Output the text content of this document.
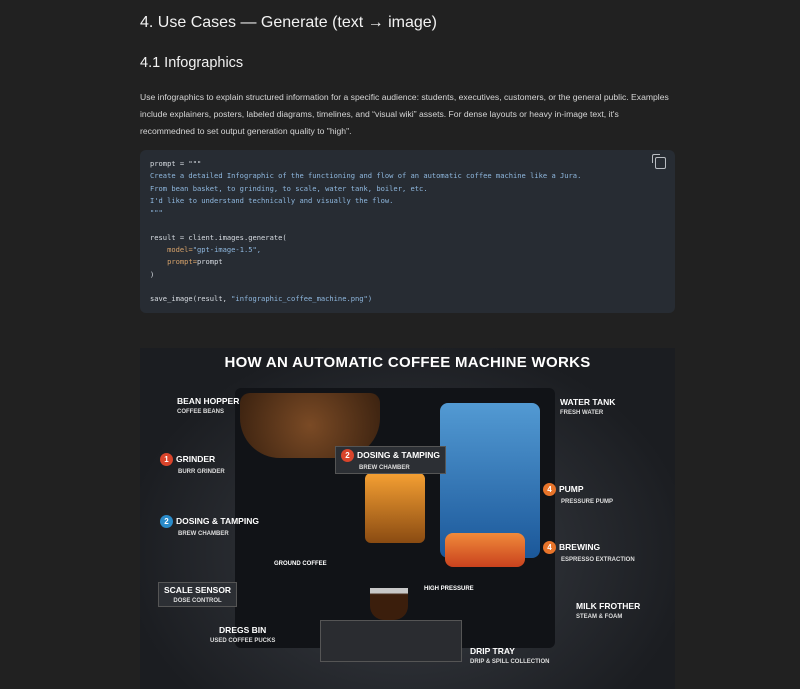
4. Use Cases — Generate (text → image)
4.1 Infographics
Use infographics to explain structured information for a specific audience: students, executives, customers, or the general public. Examples include explainers, posters, labeled diagrams, timelines, and “visual wiki” assets. For dense layouts or heavy in-image text, it's recommedned to set output generation quality to "high".
prompt = """
Create a detailed Infographic of the functioning and flow of an automatic coffee machine like a Jura.
From bean basket, to grinding, to scale, water tank, boiler, etc.
I'd like to understand technically and visually the flow.
"""

result = client.images.generate(
model="gpt-image-1.5",
prompt=prompt
)

save_image(result, "infographic_coffee_machine.png")
HOW AN AUTOMATIC COFFEE MACHINE WORKS
BEAN HOPPER
COFFEE BEANS
1 GRINDER
BURR GRINDER
2 DOSING & TAMPING
BREW CHAMBER
2 DOSING & TAMPING
BREW CHAMBER
WATER TANK
FRESH WATER
4 PUMP
PRESSURE PUMP
4 BREWING
ESPRESSO EXTRACTION
SCALE SENSOR
DOSE CONTROL
DREGS BIN
USED COFFEE PUCKS
MILK FROTHER
STEAM & FOAM
DRIP TRAY
DRIP & SPILL COLLECTION
GROUND COFFEE
HIGH PRESSURE
